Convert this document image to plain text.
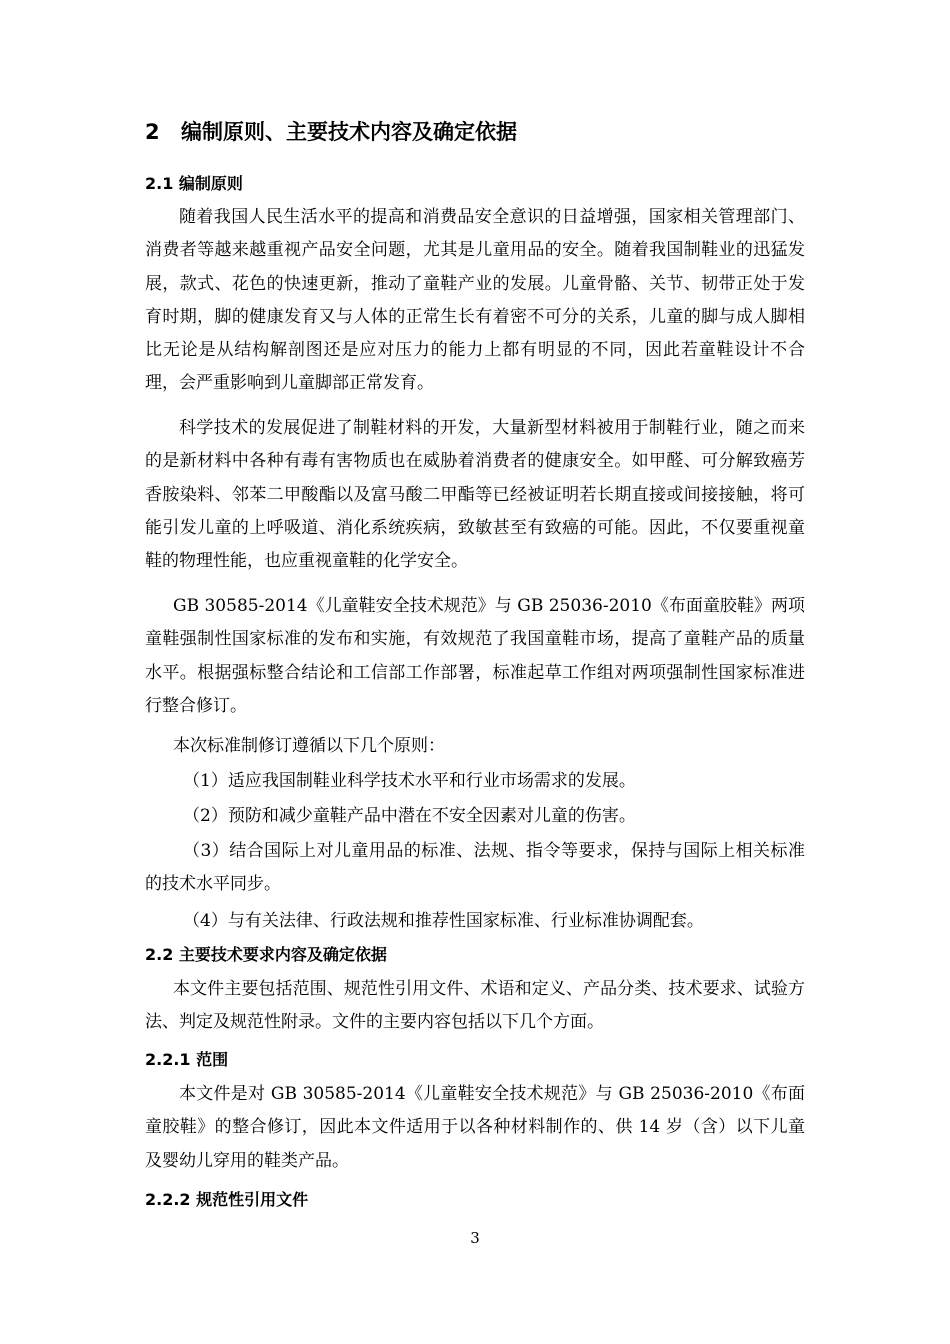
2 编制原则、主要技术内容及确定依据
2.1 编制原则

随着我国人民生活水平的提高和消费品安全意识的日益增强，国家相关管理部门、消费者等越来越重视产品安全问题，尤其是儿童用品的安全。随着我国制鞋业的迅猛发展，款式、花色的快速更新，推动了童鞋产业的发展。儿童骨骼、关节、韧带正处于发育时期，脚的健康发育又与人体的正常生长有着密不可分的关系，儿童的脚与成人脚相比无论是从结构解剖图还是应对压力的能力上都有明显的不同，因此若童鞋设计不合理，会严重影响到儿童脚部正常发育。

科学技术的发展促进了制鞋材料的开发，大量新型材料被用于制鞋行业，随之而来的是新材料中各种有毒有害物质也在威胁着消费者的健康安全。如甲醛、可分解致癌芳香胺染料、邻苯二甲酸酯以及富马酸二甲酯等已经被证明若长期直接或间接接触，将可能引发儿童的上呼吸道、消化系统疾病，致敏甚至有致癌的可能。因此，不仅要重视童鞋的物理性能，也应重视童鞋的化学安全。

GB 30585-2014《儿童鞋安全技术规范》与 GB 25036-2010《布面童胶鞋》两项童鞋强制性国家标准的发布和实施，有效规范了我国童鞋市场，提高了童鞋产品的质量水平。根据强标整合结论和工信部工作部署，标准起草工作组对两项强制性国家标准进行整合修订。

本次标准制修订遵循以下几个原则：

（1）适应我国制鞋业科学技术水平和行业市场需求的发展。

（2）预防和减少童鞋产品中潜在不安全因素对儿童的伤害。

（3）结合国际上对儿童用品的标准、法规、指令等要求，保持与国际上相关标准的技术水平同步。

（4）与有关法律、行政法规和推荐性国家标准、行业标准协调配套。

2.2 主要技术要求内容及确定依据

本文件主要包括范围、规范性引用文件、术语和定义、产品分类、技术要求、试验方法、判定及规范性附录。文件的主要内容包括以下几个方面。

2.2.1 范围

本文件是对 GB 30585-2014《儿童鞋安全技术规范》与 GB 25036-2010《布面童胶鞋》的整合修订，因此本文件适用于以各种材料制作的、供 14 岁（含）以下儿童及婴幼儿穿用的鞋类产品。

2.2.2 规范性引用文件
3
